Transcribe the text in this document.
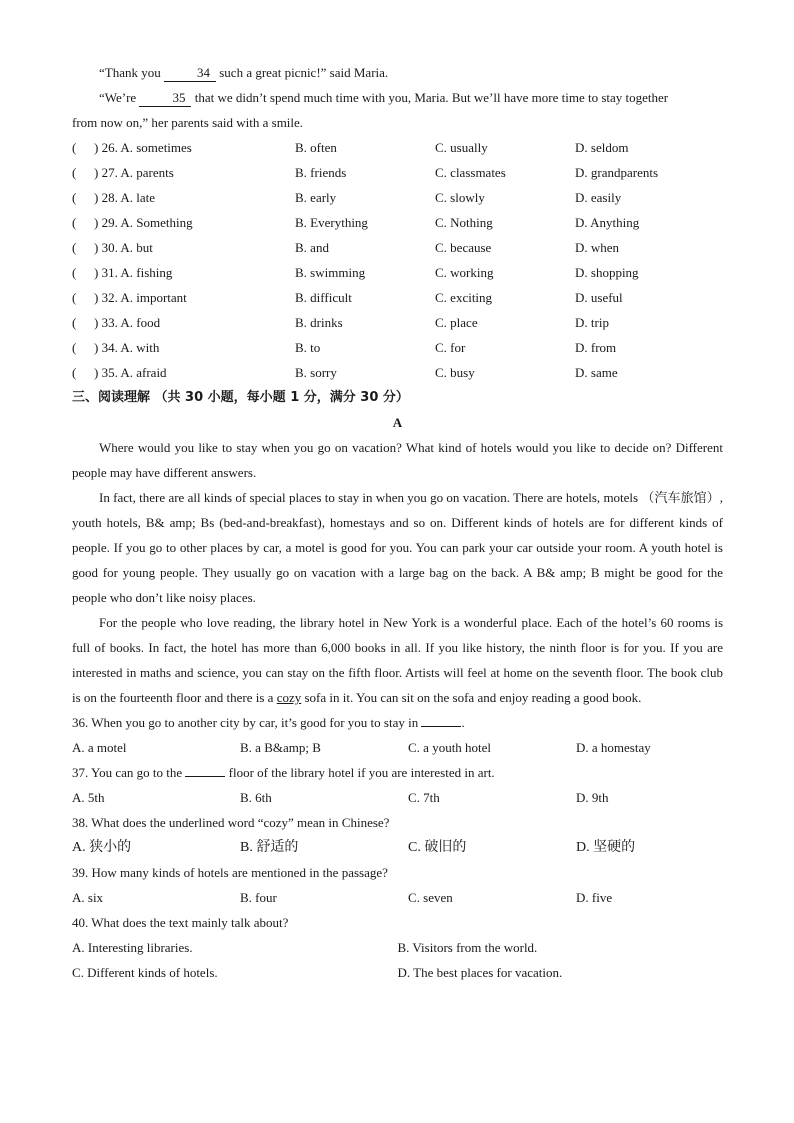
“Thank you	34 such a great picnic!” said Maria.
“We’re	35 that we didn’t spend much time with you, Maria. But we’ll have more time to stay together
from now on,” her parents said with a smile.
(	) 26. A. sometimes	B. often	C. usually	D. seldom
(	) 27. A. parents	B. friends	C. classmates	D. grandparents
(	) 28. A. late	B. early	C. slowly	D. easily
(	) 29. A. Something	B. Everything	C. Nothing	D. Anything
(	) 30. A. but	B. and	C. because	D. when
(	) 31. A. fishing	B. swimming	C. working	D. shopping
(	) 32. A. important	B. difficult	C. exciting	D. useful
(	) 33. A. food	B. drinks	C. place	D. trip
(	) 34. A. with	B. to	C. for	D. from
(	) 35. A. afraid	B. sorry	C. busy	D. same
三、阅读理解 （共 30 小题，每小题 1 分，满分 30 分）
A

Where would you like to stay when you go on vacation? What kind of hotels would you like to decide on? Different people may have different answers.

In fact, there are all kinds of special places to stay in when you go on vacation. There are hotels, motels （汽车旅馆）, youth hotels, B& amp; Bs (bed-and-breakfast), homestays and so on. Different kinds of hotels are for different kinds of people. If you go to other places by car, a motel is good for you. You can park your car outside your room. A youth hotel is good for young people. They usually go on vacation with a large bag on the back. A B& amp; B might be good for the people who don’t like noisy places.

For the people who love reading, the library hotel in New York is a wonderful place. Each of the hotel’s 60 rooms is full of books. In fact, the hotel has more than 6,000 books in all. If you like history, the ninth floor is for you. If you are interested in maths and science, you can stay on the fifth floor. Artists will feel at home on the seventh floor. The book club is on the fourteenth floor and there is a cozy sofa in it. You can sit on the sofa and enjoy reading a good book.

36. When you go to another city by car, it’s good for you to stay in	.
A. a motel	B. a B&amp; B	C. a youth hotel	D. a homestay
37. You can go to the	floor of the library hotel if you are interested in art.
A. 5th	B. 6th	C. 7th	D. 9th
38. What does the underlined word “cozy” mean in Chinese?
A. 狭小的	B. 舒适的	C. 破旧的	D. 坚硬的
39. How many kinds of hotels are mentioned in the passage?
A. six	B. four	C. seven	D. five
40. What does the text mainly talk about?
A. Interesting libraries.	B. Visitors from the world.
C. Different kinds of hotels.	D. The best places for vacation.
